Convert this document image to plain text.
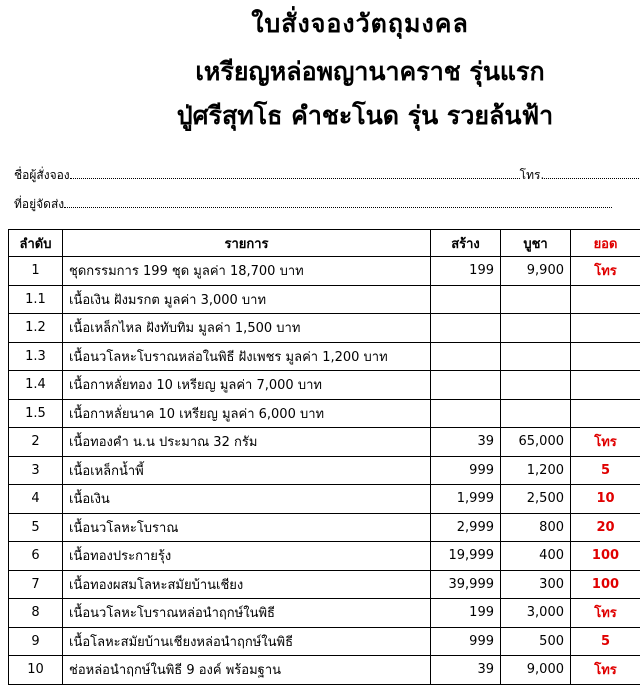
ใบสั่งจองวัตถุมงคล
เหรียญหล่อพญานาคราช รุ่นแรก
ปู่ศรีสุทโธ คำชะโนด รุ่น รวยล้นฟ้า
ชื่อผู้สั่งจอง	โทร.
ที่อยู่จัดส่ง
ลำดับ	รายการ	สร้าง	บูชา	ยอด
1	ชุดกรรมการ 199 ชุด มูลค่า 18,700 บาท	199	9,900	โทร
1.1	เนื้อเงิน ฝังมรกต มูลค่า 3,000 บาท			
1.2	เนื้อเหล็กไหล ฝังทับทิม มูลค่า 1,500 บาท			
1.3	เนื้อนวโลหะโบราณหล่อในพิธี ฝังเพชร มูลค่า 1,200 บาท			
1.4	เนื้อกาหลั่ยทอง 10 เหรียญ มูลค่า 7,000 บาท			
1.5	เนื้อกาหลั่ยนาค 10 เหรียญ มูลค่า 6,000 บาท			
2	เนื้อทองคำ น.น ประมาณ 32 กรัม	39	65,000	โทร
3	เนื้อเหล็กน้ำพี้	999	1,200	5
4	เนื้อเงิน	1,999	2,500	10
5	เนื้อนวโลหะโบราณ	2,999	800	20
6	เนื้อทองประกายรุ้ง	19,999	400	100
7	เนื้อทองผสมโลหะสมัยบ้านเชียง	39,999	300	100
8	เนื้อนวโลหะโบราณหล่อนำฤกษ์ในพิธี	199	3,000	โทร
9	เนื้อโลหะสมัยบ้านเชียงหล่อนำฤกษ์ในพิธี	999	500	5
10	ช่อหล่อนำฤกษ์ในพิธี 9 องค์ พร้อมฐาน	39	9,000	โทร
